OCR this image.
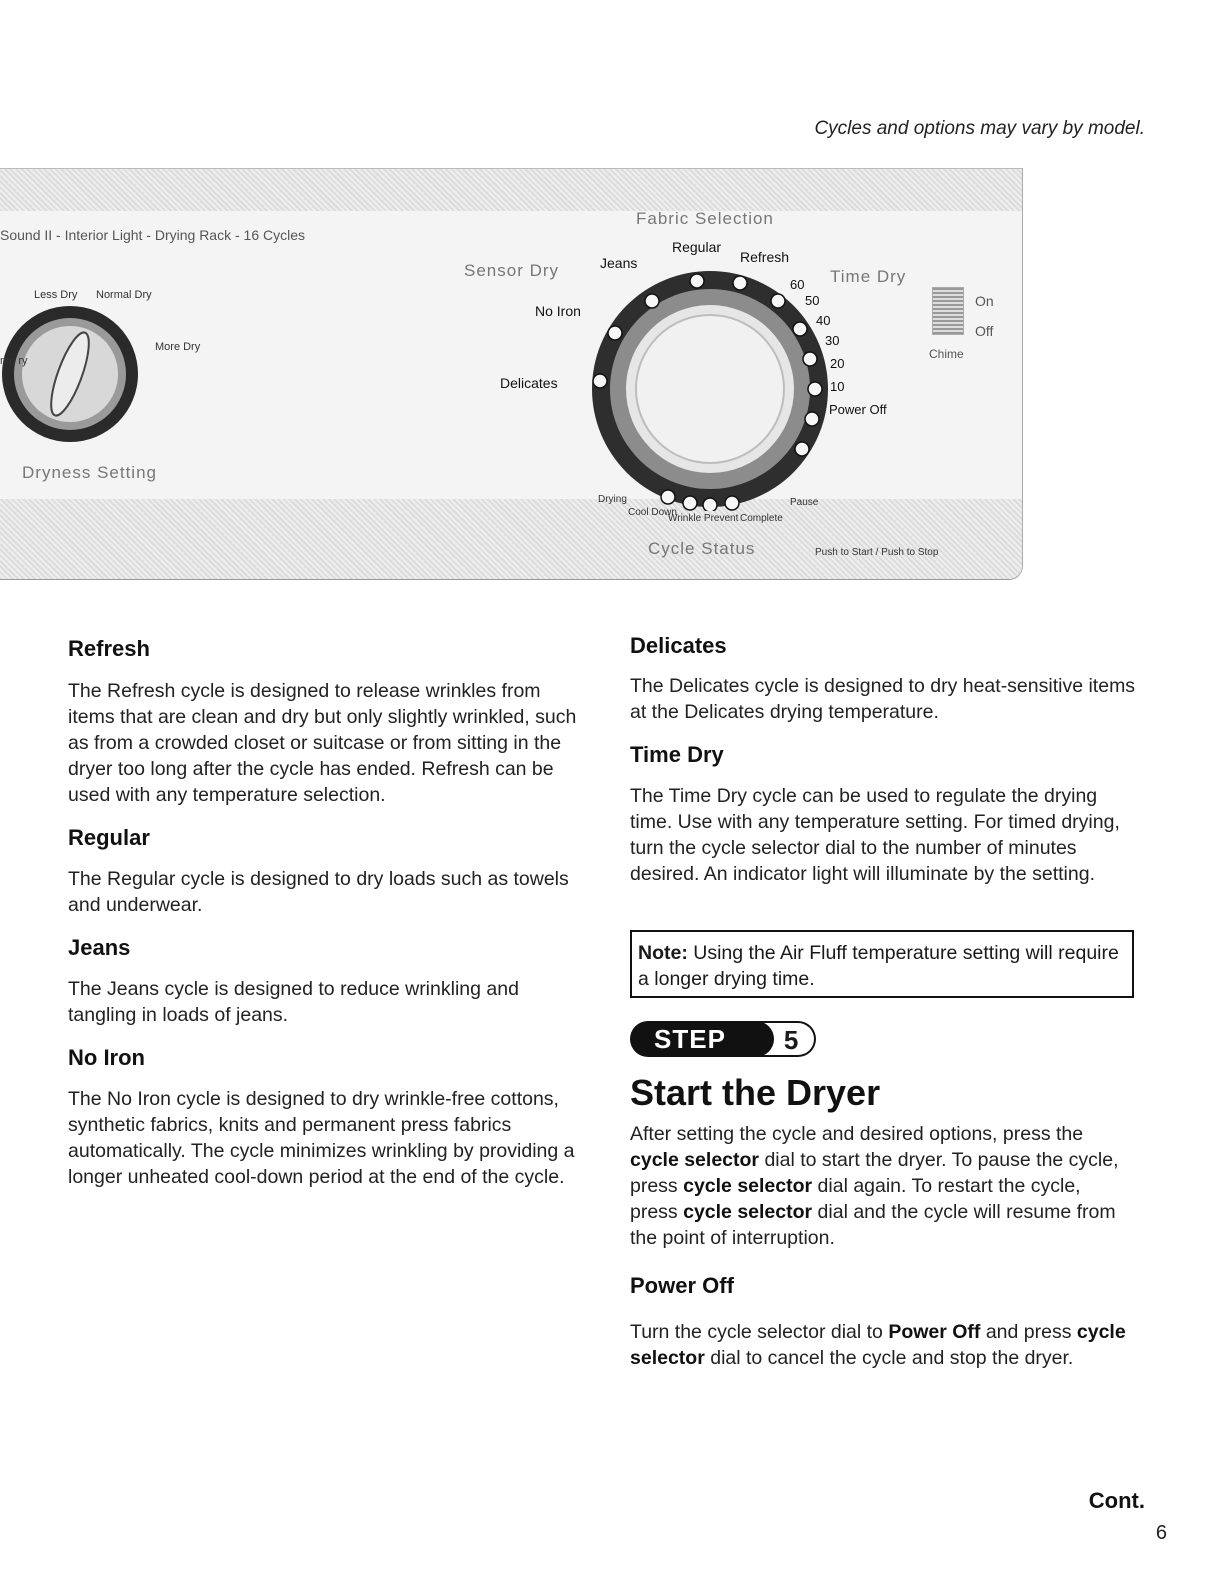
Cycles and options may vary by model.
Sound II - Interior Light - Drying Rack - 16 Cycles
Less Dry Normal Dry
More Dry
mp ry
Dryness Setting
Fabric Selection
Sensor Dry
Regular
Refresh
Jeans
No Iron
Delicates
Time Dry
60
50
40
30
20
10
Power Off
On
Off
Chime
Drying
Cool Down
Wrinkle Prevent Complete
Pause
Cycle Status	Push to Start / Push to Stop
Refresh
The Refresh cycle is designed to release wrinkles from items that are clean and dry but only slightly wrinkled, such as from a crowded closet or suitcase or from sitting in the dryer too long after the cycle has ended. Refresh can be used with any temperature selection.
Regular
The Regular cycle is designed to dry loads such as towels and underwear.
Jeans
The Jeans cycle is designed to reduce wrinkling and tangling in loads of jeans.
No Iron
The No Iron cycle is designed to dry wrinkle-free cottons, synthetic fabrics, knits and permanent press fabrics automatically. The cycle minimizes wrinkling by providing a longer unheated cool-down period at the end of the cycle.
Delicates
The Delicates cycle is designed to dry heat-sensitive items at the Delicates drying temperature.
Time Dry
The Time Dry cycle can be used to regulate the drying time. Use with any temperature setting. For timed drying, turn the cycle selector dial to the number of minutes desired. An indicator light will illuminate by the setting.
Note: Using the Air Fluff temperature setting will require a longer drying time.
STEP	5
Start the Dryer
After setting the cycle and desired options, press the cycle selector dial to start the dryer. To pause the cycle, press cycle selector dial again. To restart the cycle, press cycle selector dial and the cycle will resume from the point of interruption.
Power Off
Turn the cycle selector dial to Power Off and press cycle selector dial to cancel the cycle and stop the dryer.
Cont.
6
